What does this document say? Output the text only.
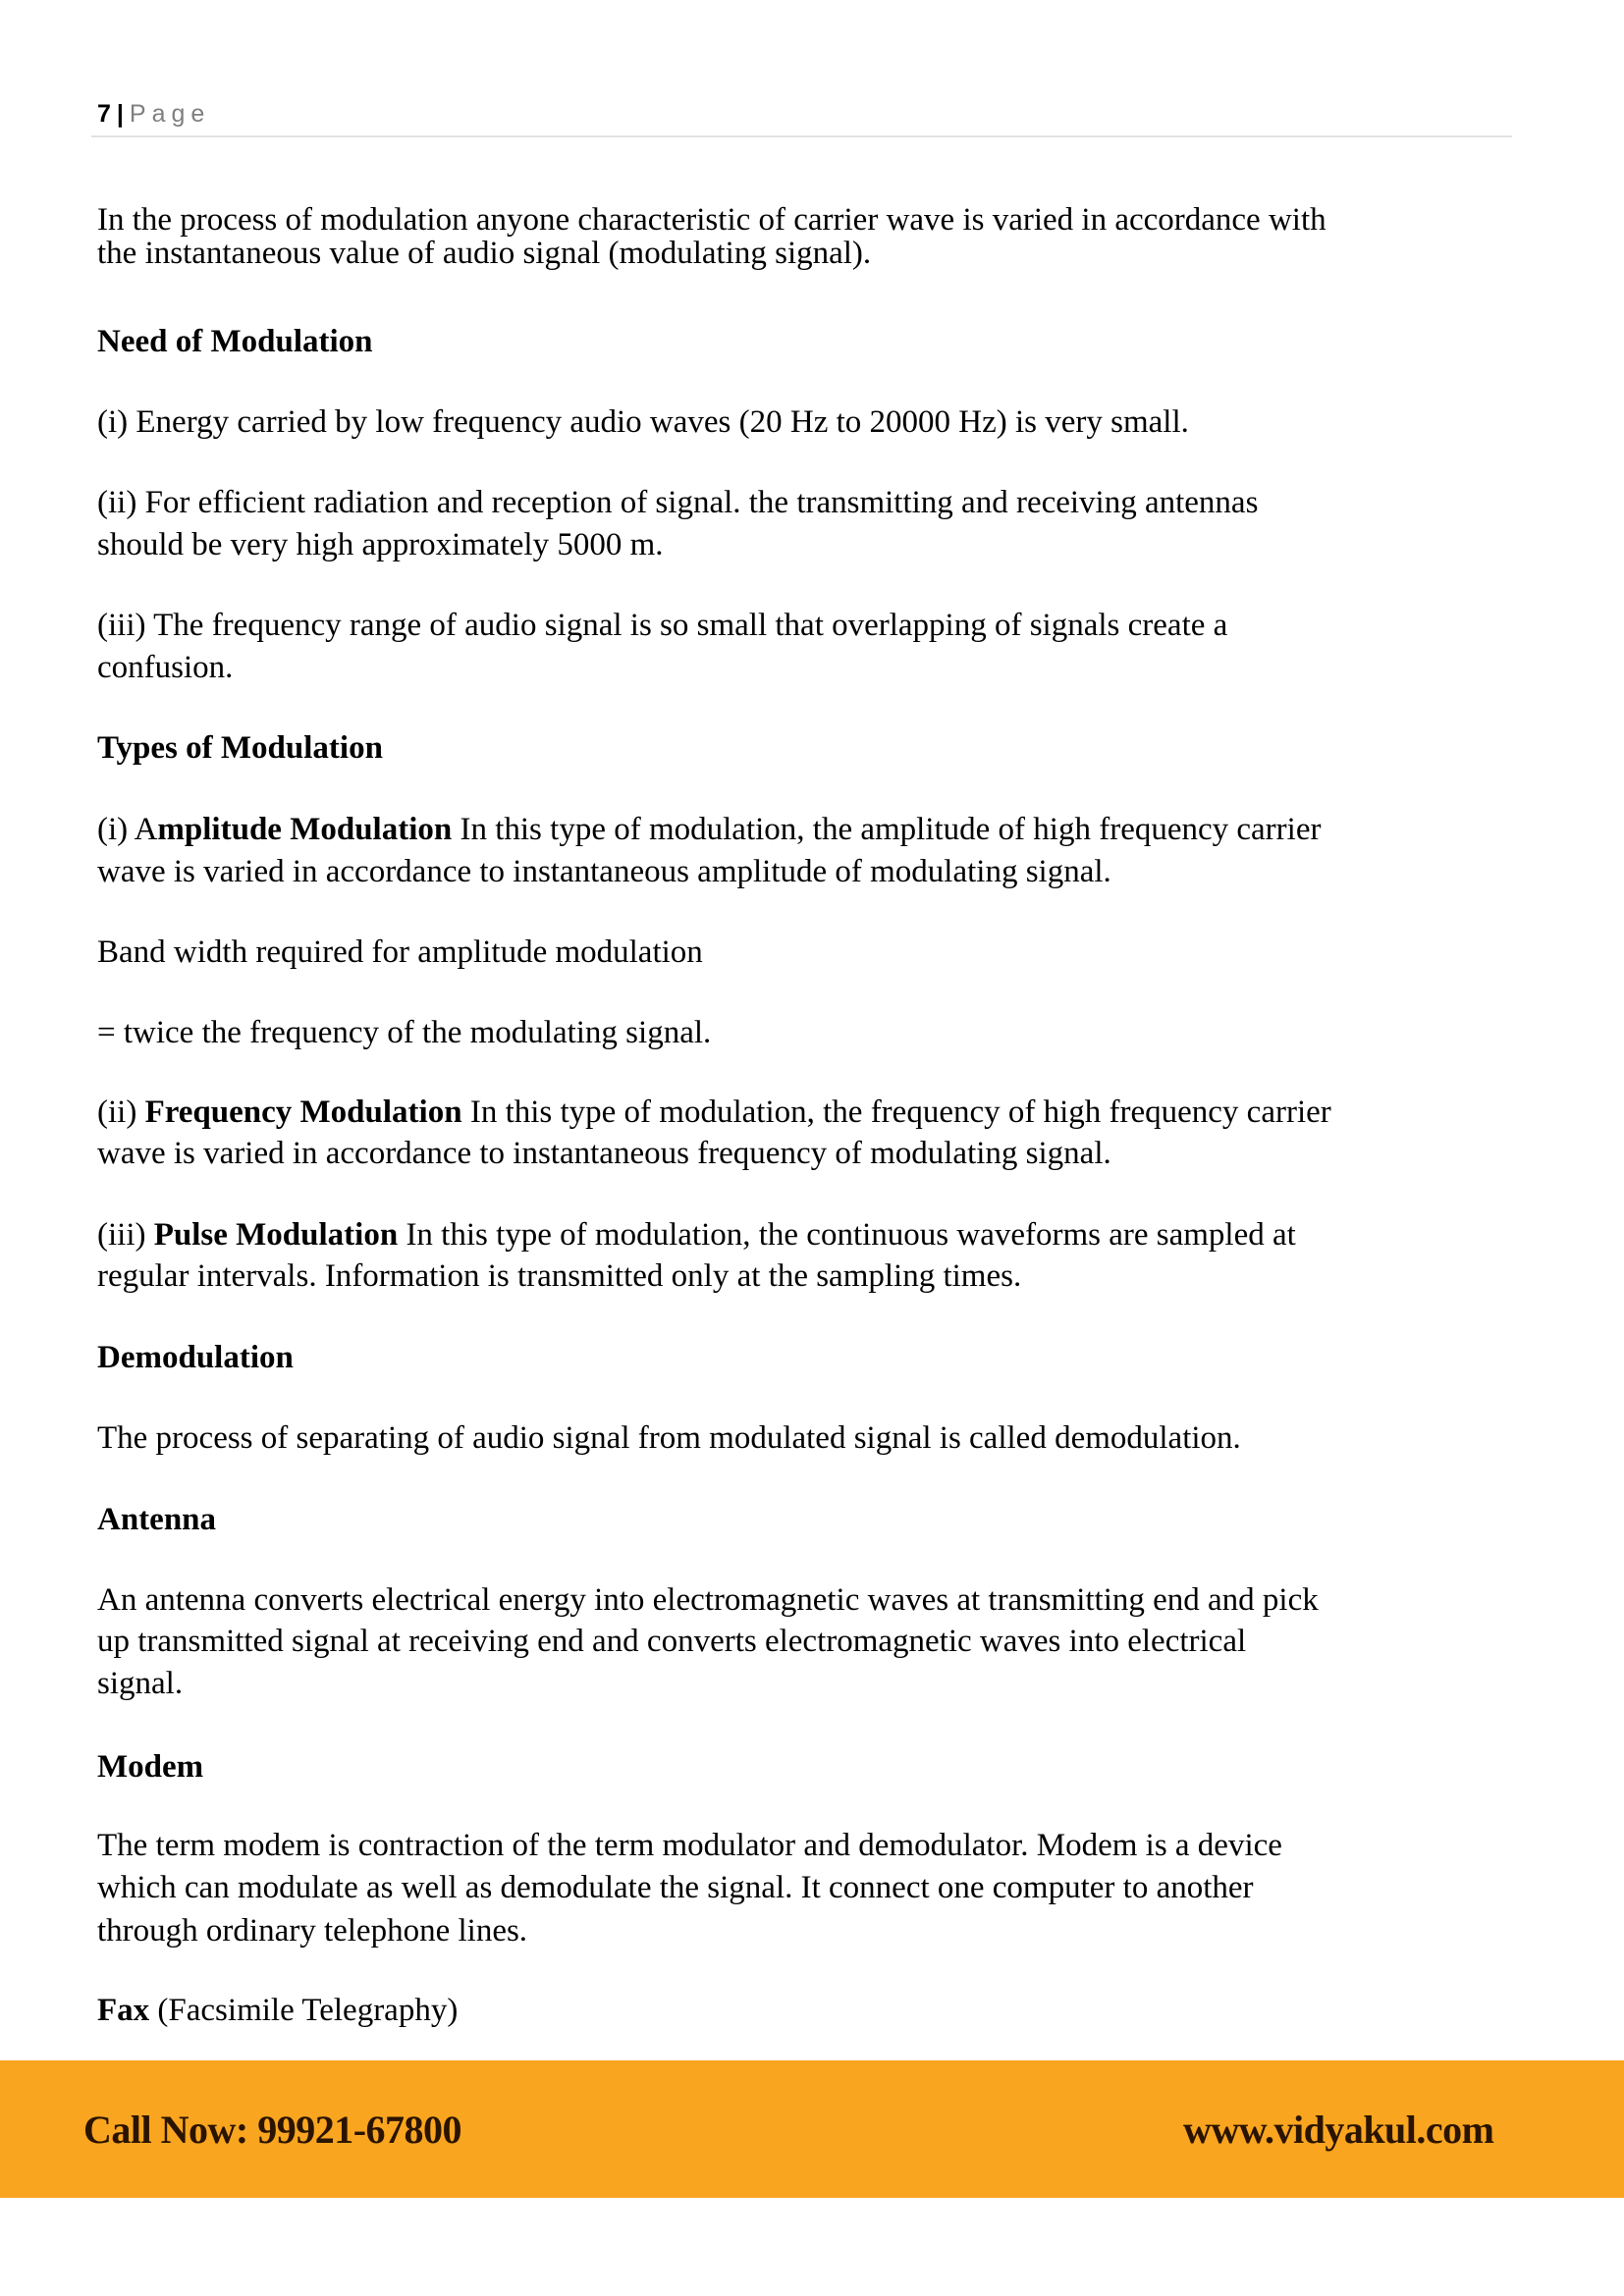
7 | Page
In the process of modulation anyone characteristic of carrier wave is varied in accordance with
the instantaneous value of audio signal (modulating signal).
Need of Modulation
(i) Energy carried by low frequency audio waves (20 Hz to 20000 Hz) is very small.
(ii) For efficient radiation and reception of signal. the transmitting and receiving antennas
should be very high approximately 5000 m.
(iii) The frequency range of audio signal is so small that overlapping of signals create a
confusion.
Types of Modulation
(i) Amplitude Modulation In this type of modulation, the amplitude of high frequency carrier
wave is varied in accordance to instantaneous amplitude of modulating signal.
Band width required for amplitude modulation
= twice the frequency of the modulating signal.
(ii) Frequency Modulation In this type of modulation, the frequency of high frequency carrier
wave is varied in accordance to instantaneous frequency of modulating signal.
(iii) Pulse Modulation In this type of modulation, the continuous waveforms are sampled at
regular intervals. Information is transmitted only at the sampling times.
Demodulation
The process of separating of audio signal from modulated signal is called demodulation.
Antenna
An antenna converts electrical energy into electromagnetic waves at transmitting end and pick
up transmitted signal at receiving end and converts electromagnetic waves into electrical
signal.
Modem
The term modem is contraction of the term modulator and demodulator. Modem is a device
which can modulate as well as demodulate the signal. It connect one computer to another
through ordinary telephone lines.
Fax (Facsimile Telegraphy)
Call Now: 99921-67800	www.vidyakul.com
